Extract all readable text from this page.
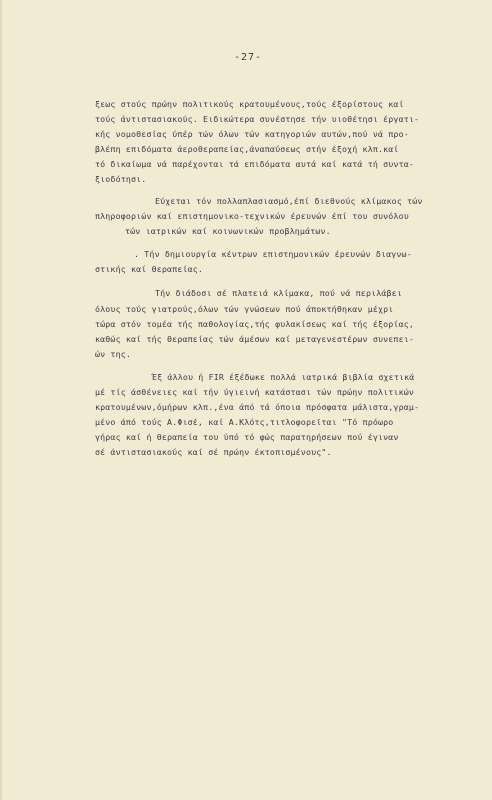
-27-
ξεως στούς πρώην πολιτικούς κρατουμένους,τούς έξορίστους καί
τούς άντιστασιακούς. Ειδικώτερα συνέστησε τήν υιοθέτησι έργατι-
κής νομοθεσίας ύπέρ τών όλων τών κατηγοριών αυτών,πού νά προ-
βλέπη επιδόματα άεροθεραπείας,άναπαύσεως στήν έξοχή κλπ.καί
τό δικαίωμα νά παρέχονται τά επιδόματα αυτά καί κατά τή συντα-
ξιοδότησι.
Εύχεται τόν πολλαπλασιασμό,έπί διεθνούς κλίμακος τών
πληροφοριών καί επιστημονικο-τεχνικών έρευνών έπί του συνόλου
τών ιατρικών καί κοινωνικών προβλημάτων.
. Τήν δημιουργία κέντρων επιστημονικών έρευνών διαγνω-
στικής καί θεραπείας.
Τήν διάδοσι σέ πλατειά κλίμακα, πού νά περιλάβει
όλους τούς γιατρούς,όλων τών γνώσεων πού άποκτήθηκαν μέχρι
τώρα στόν τομέα τής παθολογίας,τής φυλακίσεως καί τής έξορίας,
καθώς καί τής θεραπείας τών άμέσων καί μεταγενεστέρων συνεπει-
ών της.
Έξ άλλου ή FIR έξέδωκε πολλά ιατρικά βιβλία σχετικά
μέ τίς άσθένειες καί τήν ύγιεινή κατάστασι τών πρώην πολιτικών
κρατουμένων,όμήρων κλπ.,ένα άπό τά όποια πρόσφατα μάλιστα,γραμ-
μένο άπό τούς Α.Φισέ, καί Α.Κλότς,τιτλοφορεϊται "Τό πρόωρο
γήρας καί ή θεραπεία του ύπό τό φώς παρατηρήσεων πού έγιναν
σέ άντιστασιακούς καί σέ πρώην έκτοπισμένους".
